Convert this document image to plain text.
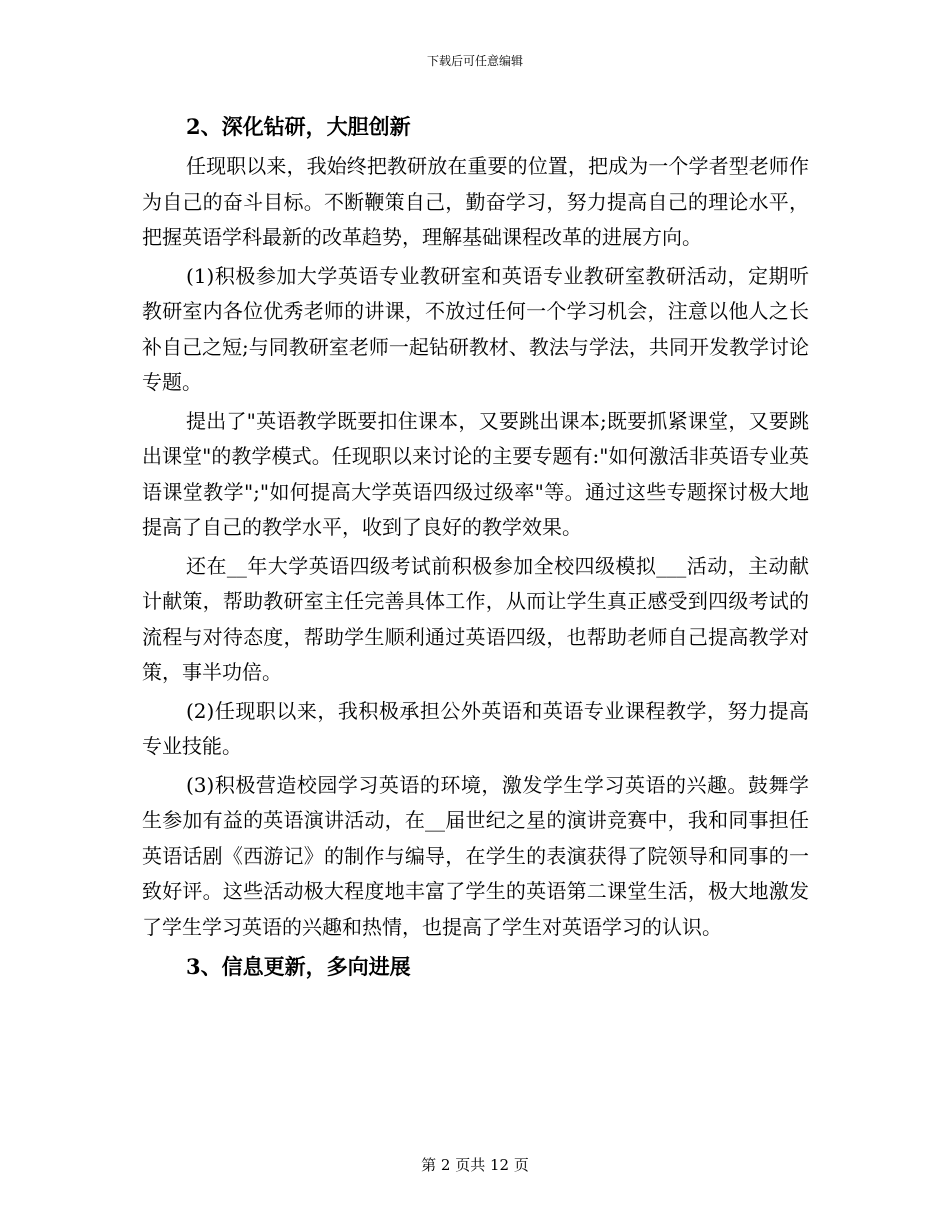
下载后可任意编辑
2、深化钻研，大胆创新

任现职以来，我始终把教研放在重要的位置，把成为一个学者型老师作为自己的奋斗目标。不断鞭策自己，勤奋学习，努力提高自己的理论水平，把握英语学科最新的改革趋势，理解基础课程改革的进展方向。

(1)积极参加大学英语专业教研室和英语专业教研室教研活动，定期听教研室内各位优秀老师的讲课，不放过任何一个学习机会，注意以他人之长补自己之短;与同教研室老师一起钻研教材、教法与学法，共同开发教学讨论专题。

提出了"英语教学既要扣住课本，又要跳出课本;既要抓紧课堂，又要跳出课堂"的教学模式。任现职以来讨论的主要专题有:"如何激活非英语专业英语课堂教学";"如何提高大学英语四级过级率"等。通过这些专题探讨极大地提高了自己的教学水平，收到了良好的教学效果。

还在__年大学英语四级考试前积极参加全校四级模拟___活动，主动献计献策，帮助教研室主任完善具体工作，从而让学生真正感受到四级考试的流程与对待态度，帮助学生顺利通过英语四级，也帮助老师自己提高教学对策，事半功倍。

(2)任现职以来，我积极承担公外英语和英语专业课程教学，努力提高专业技能。

(3)积极营造校园学习英语的环境，激发学生学习英语的兴趣。鼓舞学生参加有益的英语演讲活动，在__届世纪之星的演讲竞赛中，我和同事担任英语话剧《西游记》的制作与编导，在学生的表演获得了院领导和同事的一致好评。这些活动极大程度地丰富了学生的英语第二课堂生活，极大地激发了学生学习英语的兴趣和热情，也提高了学生对英语学习的认识。

3、信息更新，多向进展
第 2 页共 12 页
